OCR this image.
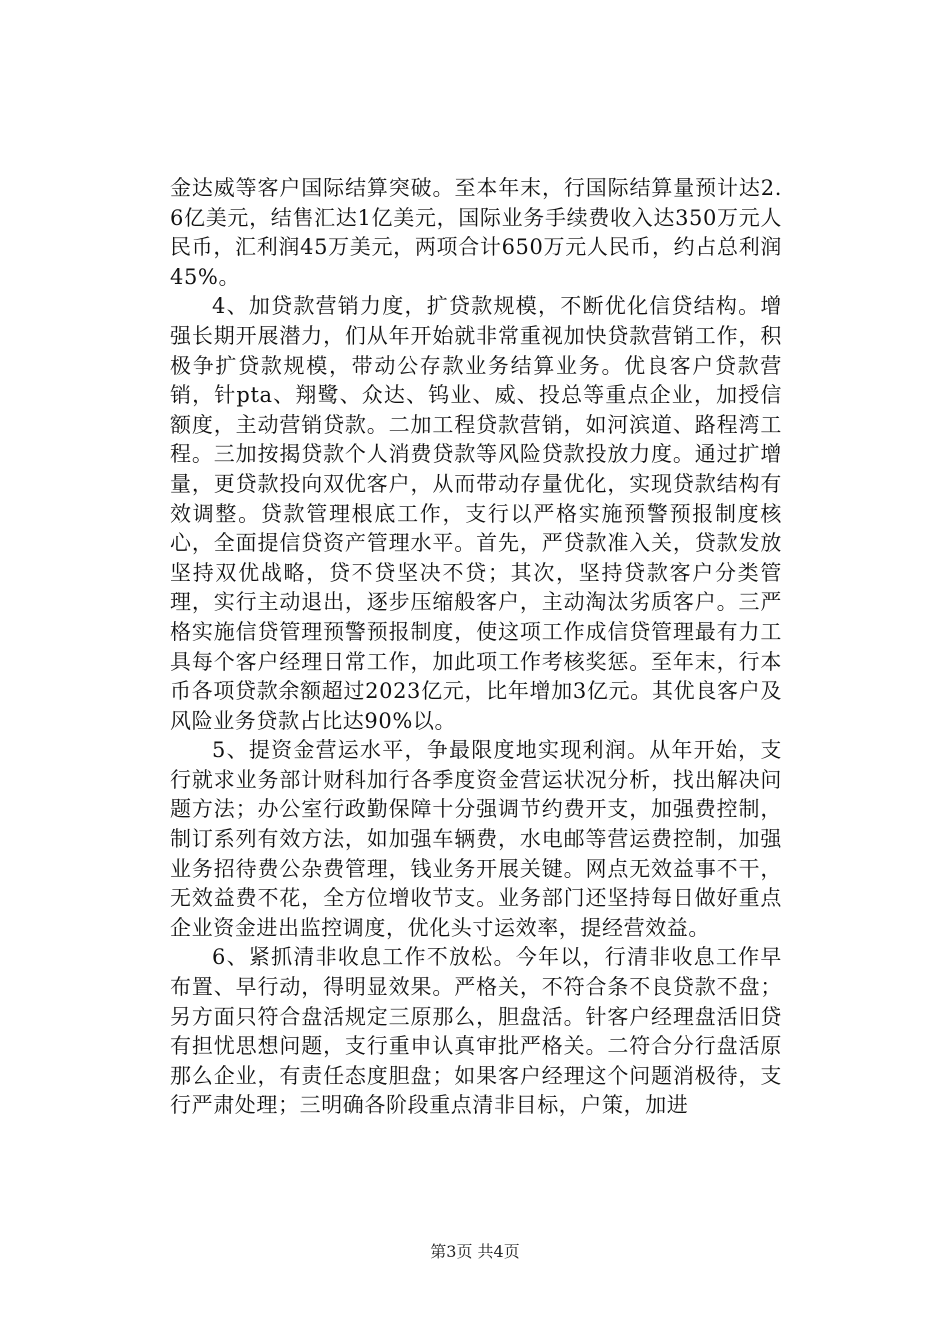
金达威等客户国际结算突破。至本年末，行国际结算量预计达2.6亿美元，结售汇达1亿美元，国际业务手续费收入达350万元人民币，汇利润45万美元，两项合计650万元人民币，约占总利润45%。

4、加贷款营销力度，扩贷款规模，不断优化信贷结构。增强长期开展潜力，们从年开始就非常重视加快贷款营销工作，积极争扩贷款规模，带动公存款业务结算业务。优良客户贷款营销，针pta、翔鹭、众达、钨业、威、投总等重点企业，加授信额度，主动营销贷款。二加工程贷款营销，如河滨道、路程湾工程。三加按揭贷款个人消费贷款等风险贷款投放力度。通过扩增量，更贷款投向双优客户，从而带动存量优化，实现贷款结构有效调整。贷款管理根底工作，支行以严格实施预警预报制度核心，全面提信贷资产管理水平。首先，严贷款准入关，贷款发放坚持双优战略，贷不贷坚决不贷；其次，坚持贷款客户分类管理，实行主动退出，逐步压缩般客户，主动淘汰劣质客户。三严格实施信贷管理预警预报制度，使这项工作成信贷管理最有力工具每个客户经理日常工作，加此项工作考核奖惩。至年末，行本币各项贷款余额超过2023亿元，比年增加3亿元。其优良客户及风险业务贷款占比达90%以。

5、提资金营运水平，争最限度地实现利润。从年开始，支行就求业务部计财科加行各季度资金营运状况分析，找出解决问题方法；办公室行政勤保障十分强调节约费开支，加强费控制，制订系列有效方法，如加强车辆费，水电邮等营运费控制，加强业务招待费公杂费管理，钱业务开展关键。网点无效益事不干，无效益费不花，全方位增收节支。业务部门还坚持每日做好重点企业资金进出监控调度，优化头寸运效率，提经营效益。

6、紧抓清非收息工作不放松。今年以，行清非收息工作早布置、早行动，得明显效果。严格关，不符合条不良贷款不盘；另方面只符合盘活规定三原那么，胆盘活。针客户经理盘活旧贷有担忧思想问题，支行重申认真审批严格关。二符合分行盘活原那么企业，有责任态度胆盘；如果客户经理这个问题消极待，支行严肃处理；三明确各阶段重点清非目标，户策，加进

第3页 共4页
